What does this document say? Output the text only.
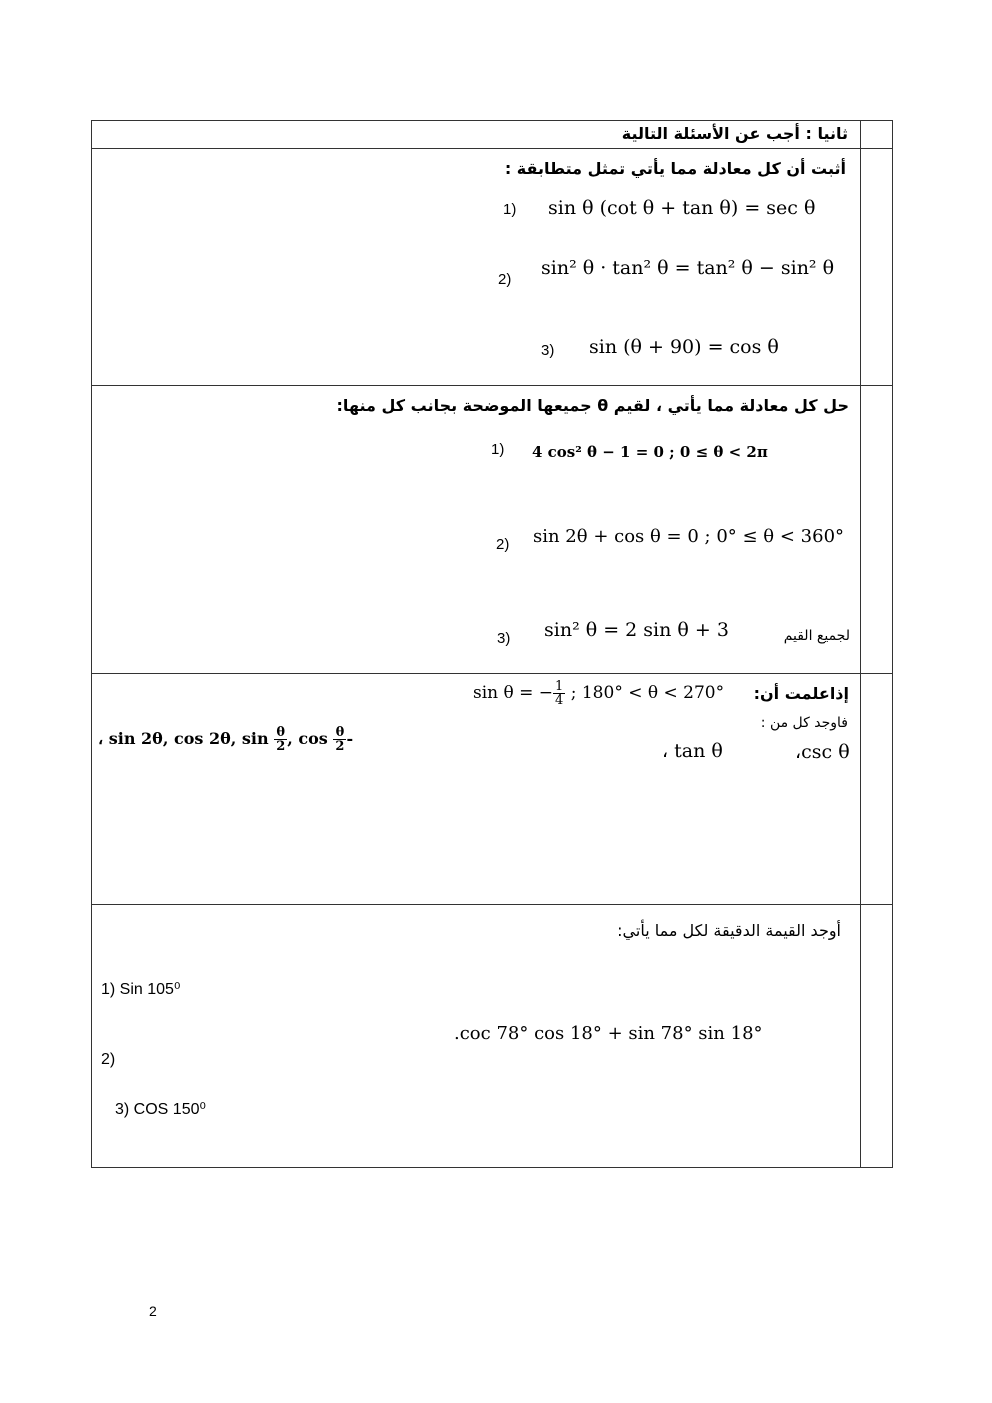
ثانيا : أجب عن الأسئلة التالية
أثبت أن كل معادلة مما يأتي تمثل متطابقة :
1) sin θ (cot θ + tan θ) = sec θ
2)
sin² θ · tan² θ = tan² θ − sin² θ
3) sin (θ + 90) = cos θ
حل كل معادلة مما يأتي ، لقيم θ جميعها الموضحة بجانب كل منها:
1) 4 cos² θ − 1 = 0 ; 0 ≤ θ < 2π
2) sin 2θ + cos θ = 0 ; 0° ≤ θ < 360°
3) sin² θ = 2 sin θ + 3	لجميع القيم
إذاعلمت أن:
sin θ = − $\frac{1}{4}$ ; 180° < θ < 270°
فاوجد كل من :
،csc θ
، tan θ
، sin 2θ, cos 2θ, $\sin \frac{\theta}{2}$ , $\cos \frac{\theta}{2}$ -
أوجد القيمة الدقيقة لكل مما يأتي:
1) Sin 105⁰
.coc 78° cos 18° + sin 78° sin 18°
2)
3) COS 150⁰
2
